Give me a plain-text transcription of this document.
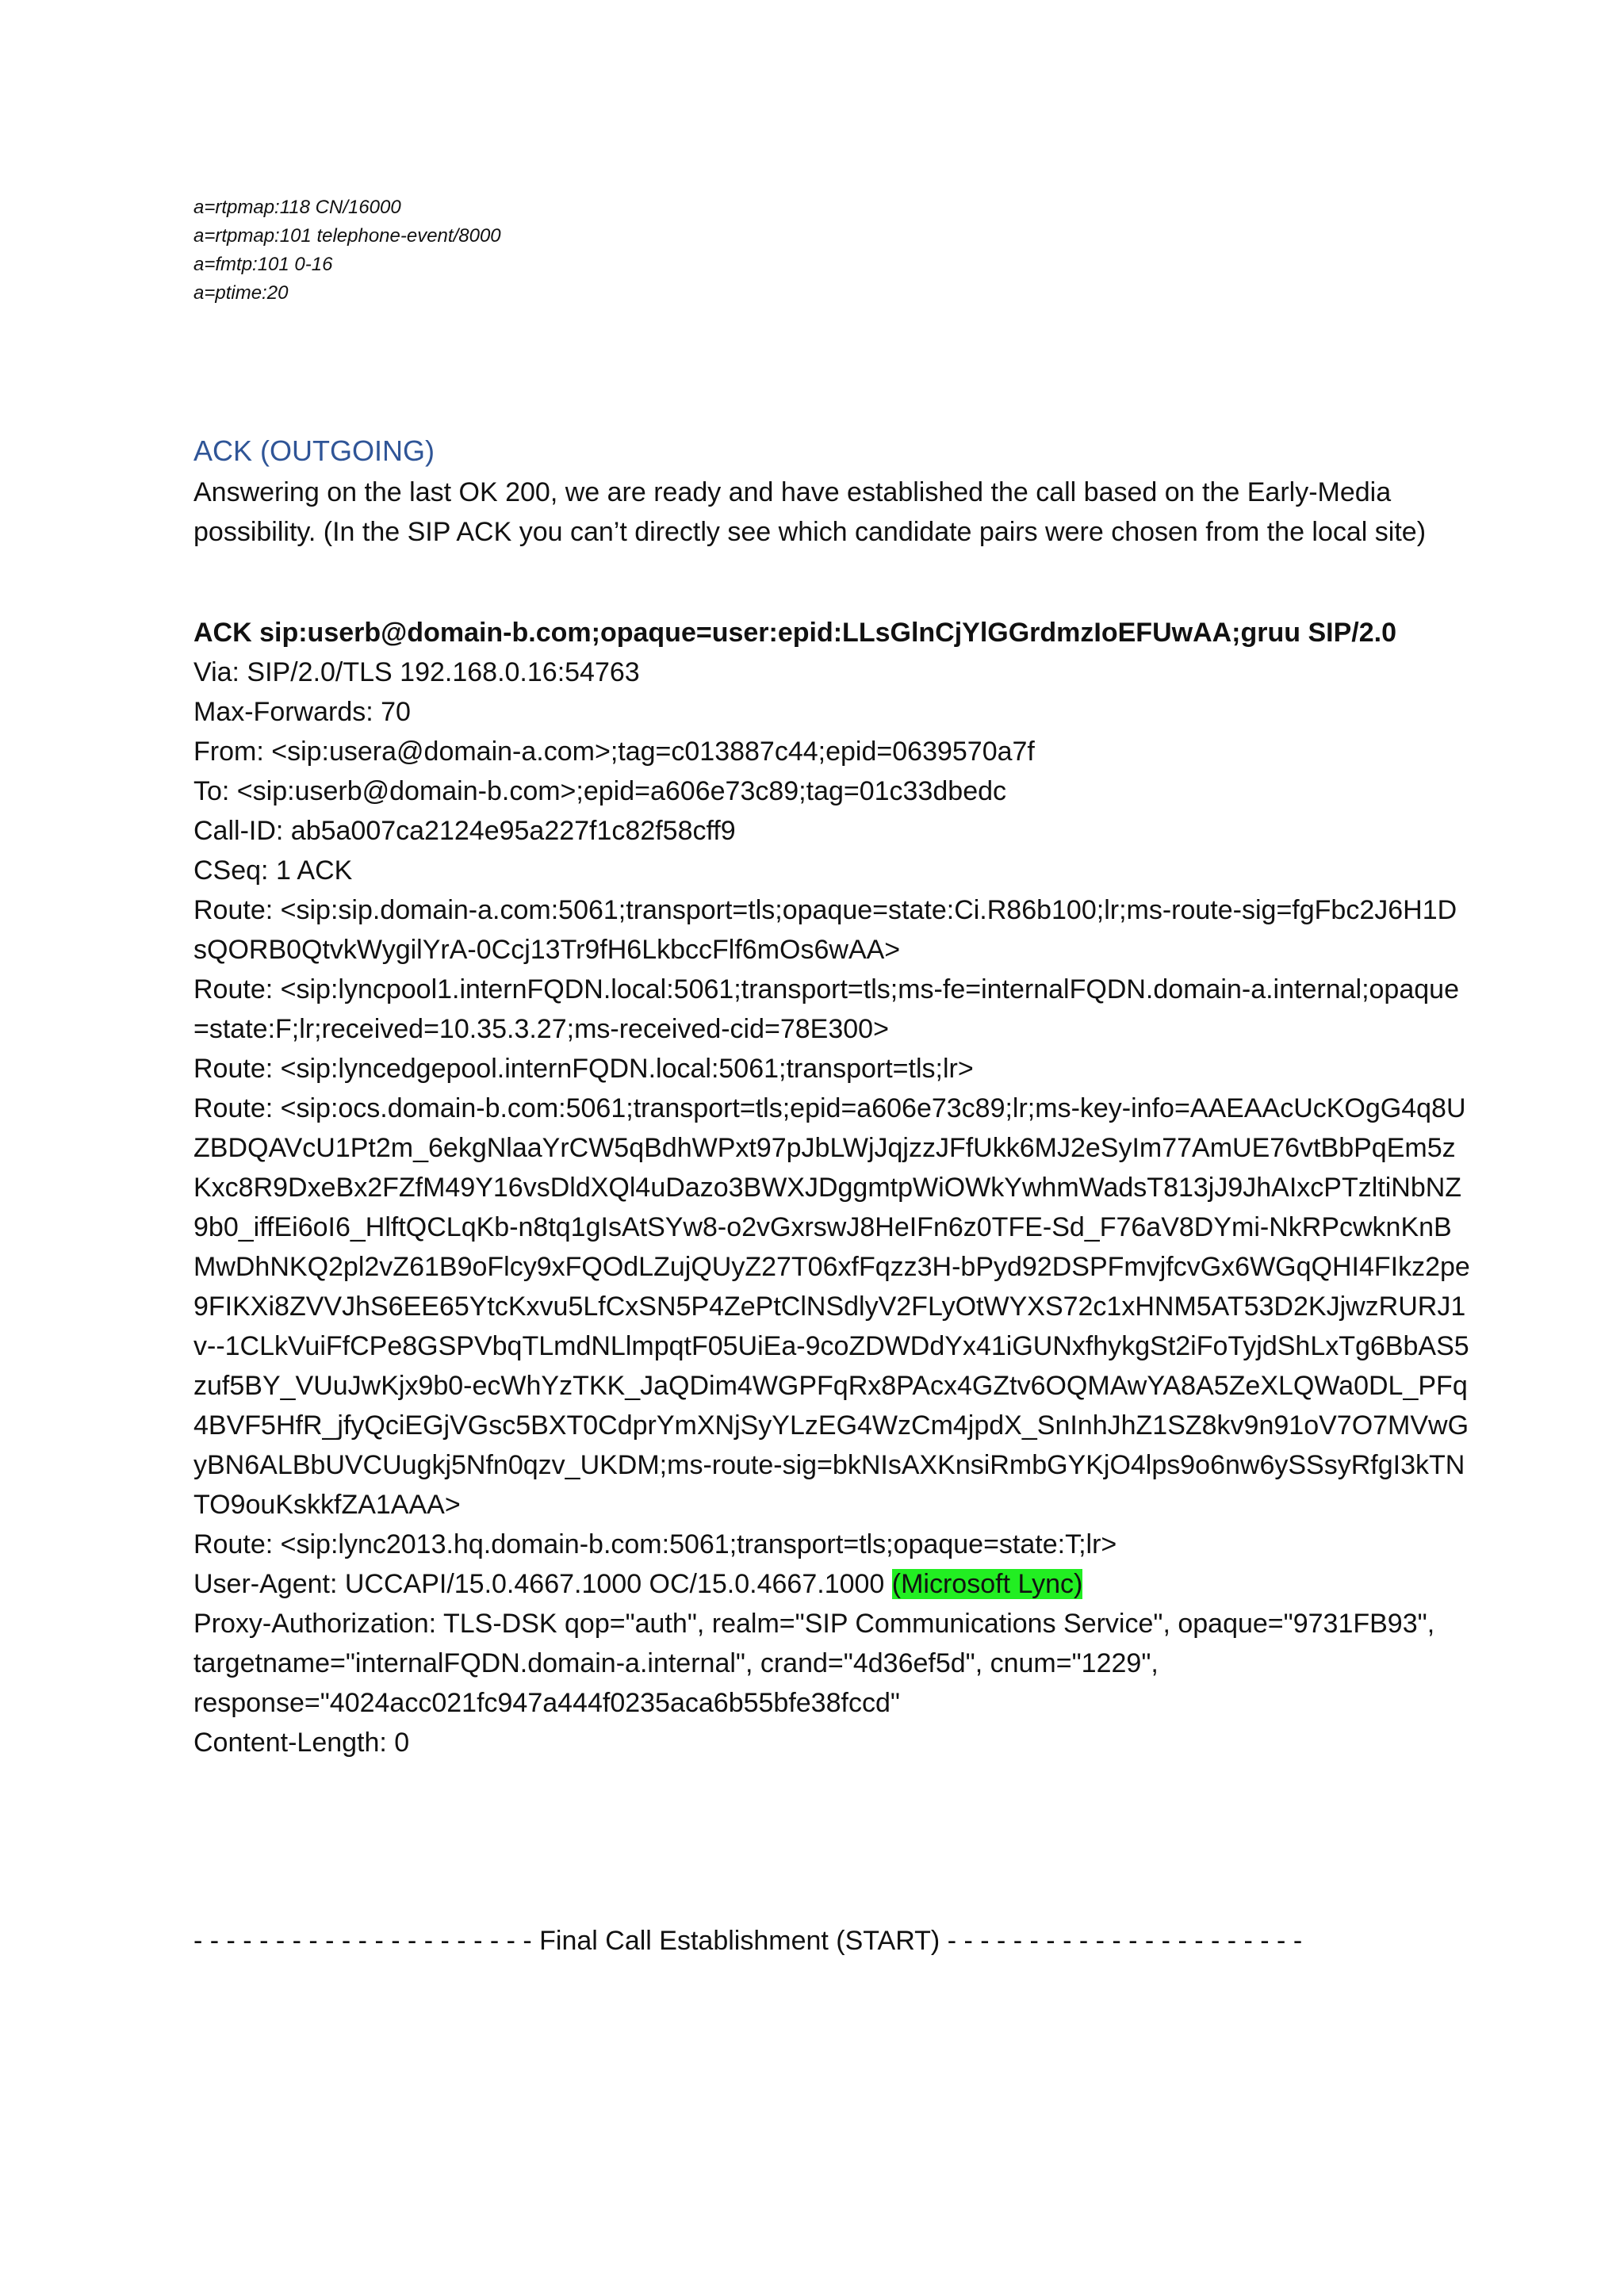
a=rtpmap:118 CN/16000
a=rtpmap:101 telephone-event/8000
a=fmtp:101 0-16
a=ptime:20
ACK (OUTGOING)

Answering on the last OK 200, we are ready and have established the call based on the Early-Media possibility. (In the SIP ACK you can’t directly see which candidate pairs were chosen from the local site)

ACK sip:userb@domain-b.com;opaque=user:epid:LLsGlnCjYlGGrdmzIoEFUwAA;gruu SIP/2.0
Via: SIP/2.0/TLS 192.168.0.16:54763
Max-Forwards: 70
From: <sip:usera@domain-a.com>;tag=c013887c44;epid=0639570a7f
To: <sip:userb@domain-b.com>;epid=a606e73c89;tag=01c33dbedc
Call-ID: ab5a007ca2124e95a227f1c82f58cff9
CSeq: 1 ACK
Route: <sip:sip.domain-a.com:5061;transport=tls;opaque=state:Ci.R86b100;lr;ms-route-sig=fgFbc2J6H1DsQORB0QtvkWygilYrA-0Ccj13Tr9fH6LkbccFlf6mOs6wAA>
Route: <sip:lyncpool1.internFQDN.local:5061;transport=tls;ms-fe=internalFQDN.domain-a.internal;opaque=state:F;lr;received=10.35.3.27;ms-received-cid=78E300>
Route: <sip:lyncedgepool.internFQDN.local:5061;transport=tls;lr>
Route: <sip:ocs.domain-b.com:5061;transport=tls;epid=a606e73c89;lr;ms-key-info=AAEAAcUcKOgG4q8UZBDQAVcU1Pt2m_6ekgNlaaYrCW5qBdhWPxt97pJbLWjJqjzzJFfUkk6MJ2eSyIm77AmUE76vtBbPqEm5zKxc8R9DxeBx2FZfM49Y16vsDldXQl4uDazo3BWXJDggmtpWiOWkYwhmWadsT813jJ9JhAIxcPTzltiNbNZ9b0_iffEi6oI6_HlftQCLqKb-n8tq1gIsAtSYw8-o2vGxrswJ8HeIFn6z0TFE-Sd_F76aV8DYmi-NkRPcwknKnBMwDhNKQ2pl2vZ61B9oFlcy9xFQOdLZujQUyZ27T06xfFqzz3H-bPyd92DSPFmvjfcvGx6WGqQHI4FIkz2pe9FIKXi8ZVVJhS6EE65YtcKxvu5LfCxSN5P4ZePtClNSdlyV2FLyOtWYXS72c1xHNM5AT53D2KJjwzRURJ1v--1CLkVuiFfCPe8GSPVbqTLmdNLlmpqtF05UiEa-9coZDWDdYx41iGUNxfhykgSt2iFoTyjdShLxTg6BbAS5zuf5BY_VUuJwKjx9b0-ecWhYzTKK_JaQDim4WGPFqRx8PAcx4GZtv6OQMAwYA8A5ZeXLQWa0DL_PFq4BVF5HfR_jfyQciEGjVGsc5BXT0CdprYmXNjSyYLzEG4WzCm4jpdX_SnInhJhZ1SZ8kv9n91oV7O7MVwGyBN6ALBbUVCUugkj5Nfn0qzv_UKDM;ms-route-sig=bkNIsAXKnsiRmbGYKjO4lps9o6nw6ySSsyRfgI3kTNTO9ouKskkfZA1AAA>
Route: <sip:lync2013.hq.domain-b.com:5061;transport=tls;opaque=state:T;lr>
User-Agent: UCCAPI/15.0.4667.1000 OC/15.0.4667.1000 (Microsoft Lync)
Proxy-Authorization: TLS-DSK qop="auth", realm="SIP Communications Service", opaque="9731FB93", targetname="internalFQDN.domain-a.internal", crand="4d36ef5d", cnum="1229", response="4024acc021fc947a444f0235aca6b55bfe38fccd"
Content-Length: 0
- - - - - - - - - - - - - - - - - - - - - Final Call Establishment (START) - - - - - - - - - - - - - - - - - - - - - -
